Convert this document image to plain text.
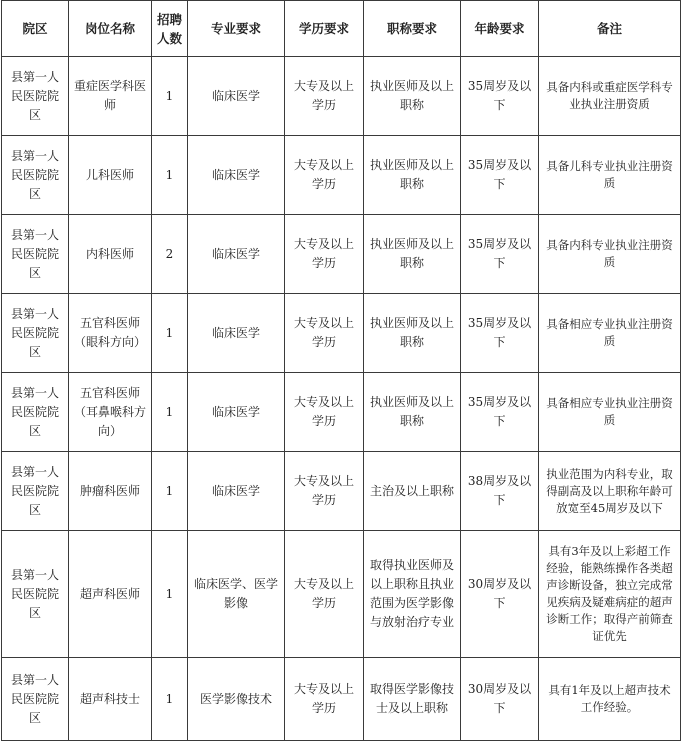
院区	岗位名称	招聘人数	专业要求	学历要求	职称要求	年龄要求	备注
县第一人民医院院区	重症医学科医师	1	临床医学	大专及以上学历	执业医师及以上职称	35周岁及以下	具备内科或重症医学科专业执业注册资质
县第一人民医院院区	儿科医师	1	临床医学	大专及以上学历	执业医师及以上职称	35周岁及以下	具备儿科专业执业注册资质
县第一人民医院院区	内科医师	2	临床医学	大专及以上学历	执业医师及以上职称	35周岁及以下	具备内科专业执业注册资质
县第一人民医院院区	五官科医师（眼科方向）	1	临床医学	大专及以上学历	执业医师及以上职称	35周岁及以下	具备相应专业执业注册资质
县第一人民医院院区	五官科医师（耳鼻喉科方向）	1	临床医学	大专及以上学历	执业医师及以上职称	35周岁及以下	具备相应专业执业注册资质
县第一人民医院院区	肿瘤科医师	1	临床医学	大专及以上学历	主治及以上职称	38周岁及以下	执业范围为内科专业，取得副高及以上职称年龄可放宽至45周岁及以下
县第一人民医院院区	超声科医师	1	临床医学、医学影像	大专及以上学历	取得执业医师及以上职称且执业范围为医学影像与放射治疗专业	30周岁及以下	具有3年及以上彩超工作经验，能熟练操作各类超声诊断设备，独立完成常见疾病及疑难病症的超声诊断工作；取得产前筛查证优先
县第一人民医院院区	超声科技士	1	医学影像技术	大专及以上学历	取得医学影像技士及以上职称	30周岁及以下	具有1年及以上超声技术工作经验。
